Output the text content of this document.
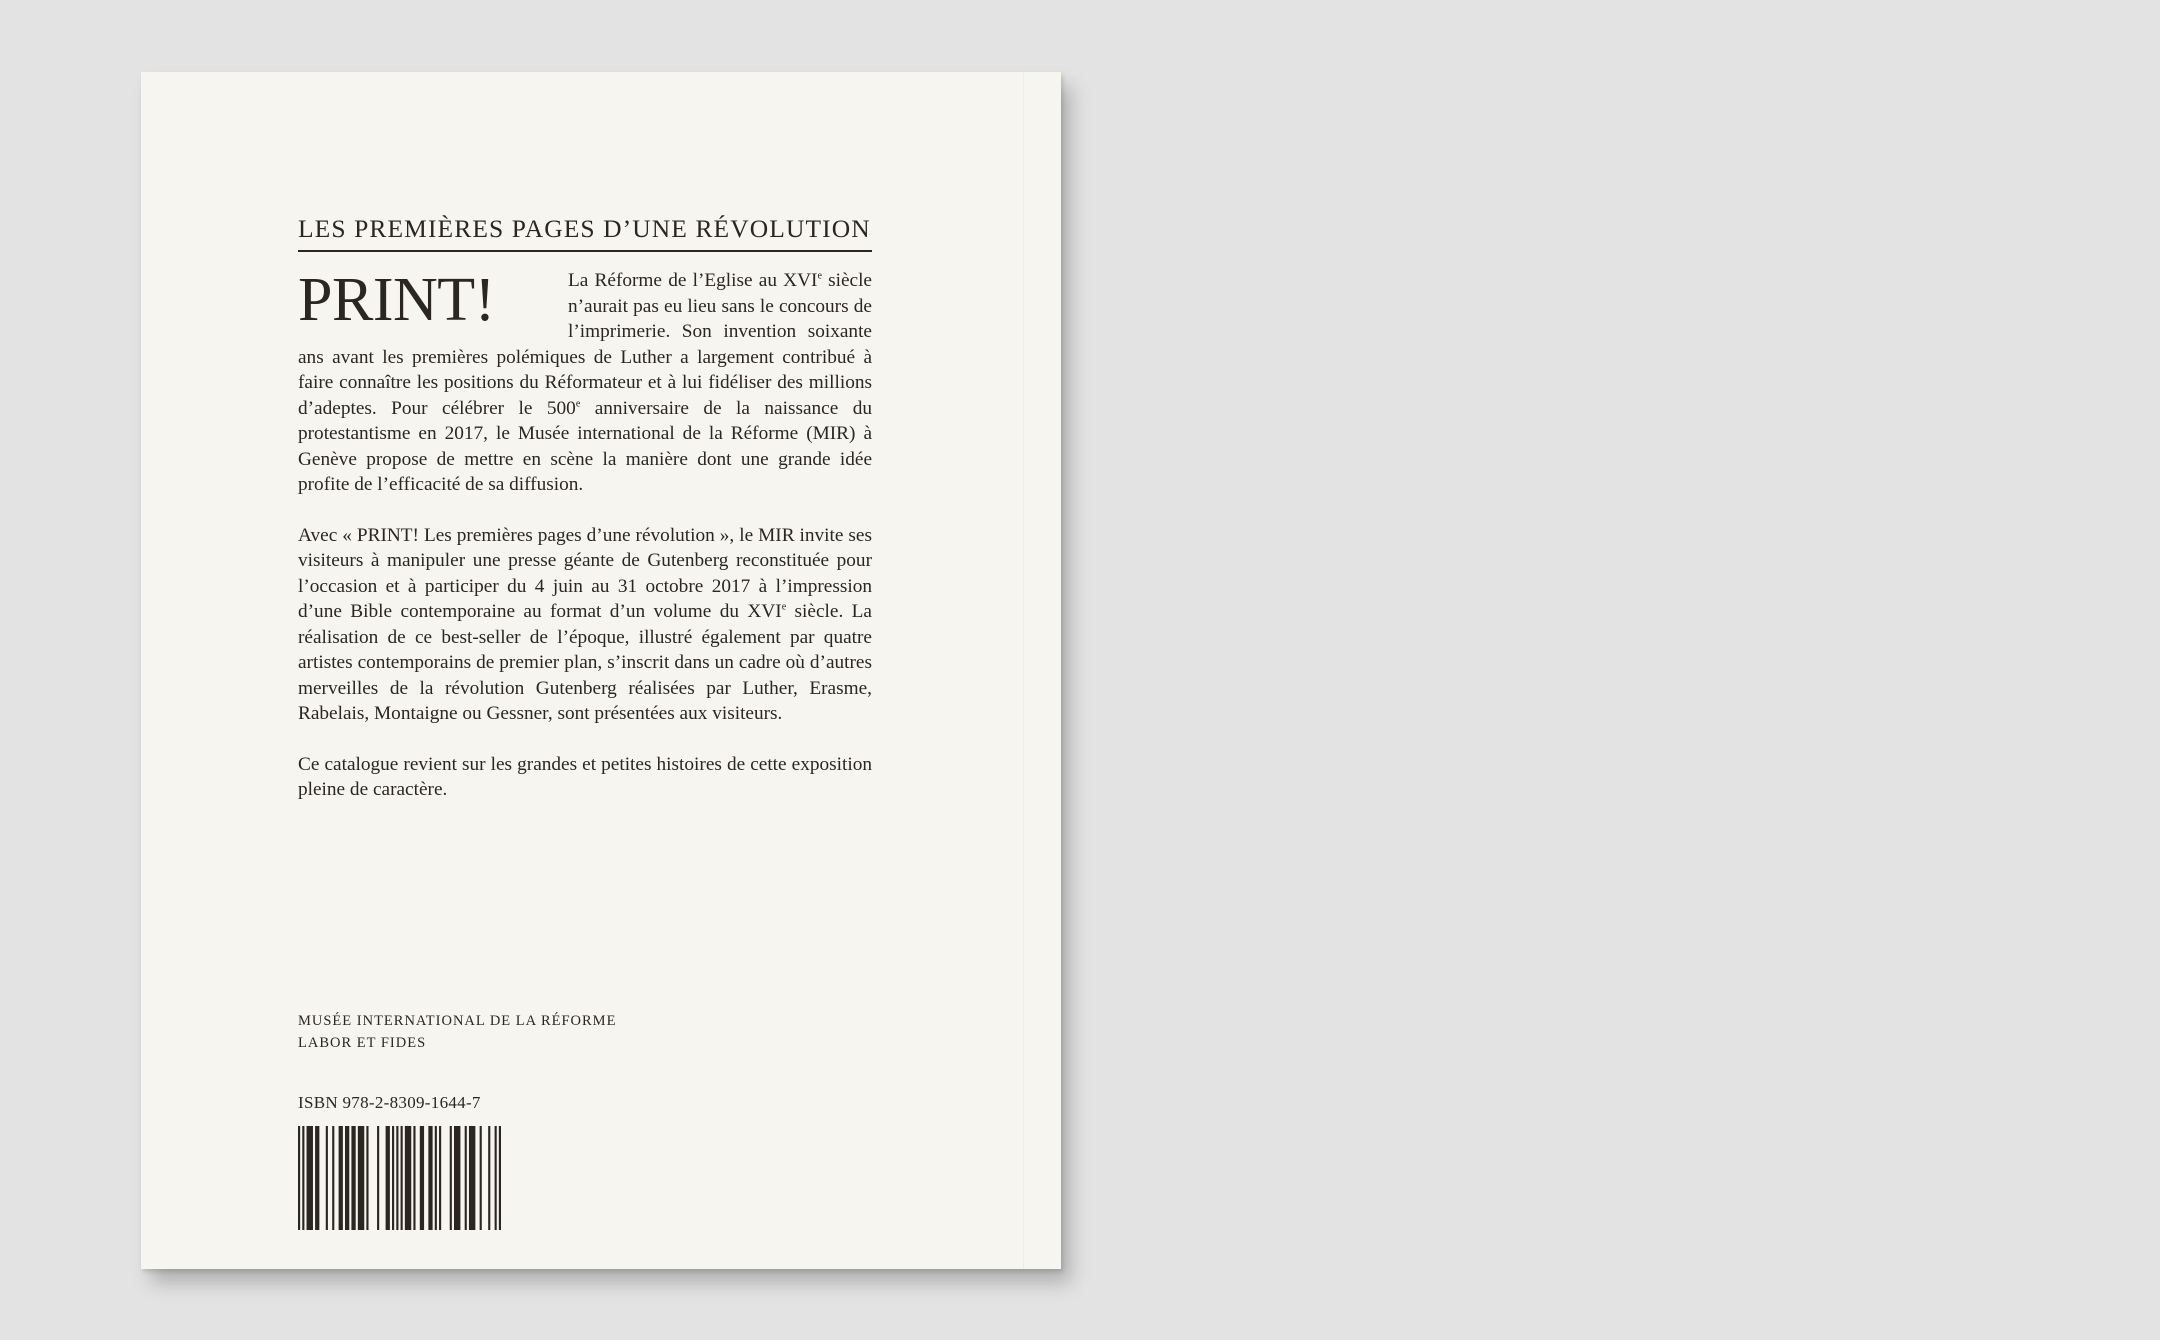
LES PREMIÈRES PAGES D’UNE RÉVOLUTION
PRINT!	La Réforme de l’Eglise au XVIe siècle n’aurait pas eu lieu sans le concours de l’imprimerie. Son invention soixante ans avant les premières polémiques de Luther a largement contribué à faire connaître les positions du Réformateur et à lui fidéliser des millions d’adeptes. Pour célébrer le 500e anniversaire de la naissance du protestantisme en 2017, le Musée international de la Réforme (MIR) à Genève propose de mettre en scène la manière dont une grande idée profite de l’efficacité de sa diffusion.

Avec « PRINT! Les premières pages d’une révolution », le MIR invite ses visiteurs à manipuler une presse géante de Gutenberg reconstituée pour l’occasion et à participer du 4 juin au 31 octobre 2017 à l’impression d’une Bible contemporaine au format d’un volume du XVIe siècle. La réalisation de ce best-seller de l’époque, illustré également par quatre artistes contemporains de premier plan, s’inscrit dans un cadre où d’autres merveilles de la révolution Gutenberg réalisées par Luther, Erasme, Rabelais, Montaigne ou Gessner, sont présentées aux visiteurs.

Ce catalogue revient sur les grandes et petites histoires de cette exposition pleine de caractère.

MUSÉE INTERNATIONAL DE LA RÉFORME
LABOR ET FIDES
ISBN 978-2-8309-1644-7
